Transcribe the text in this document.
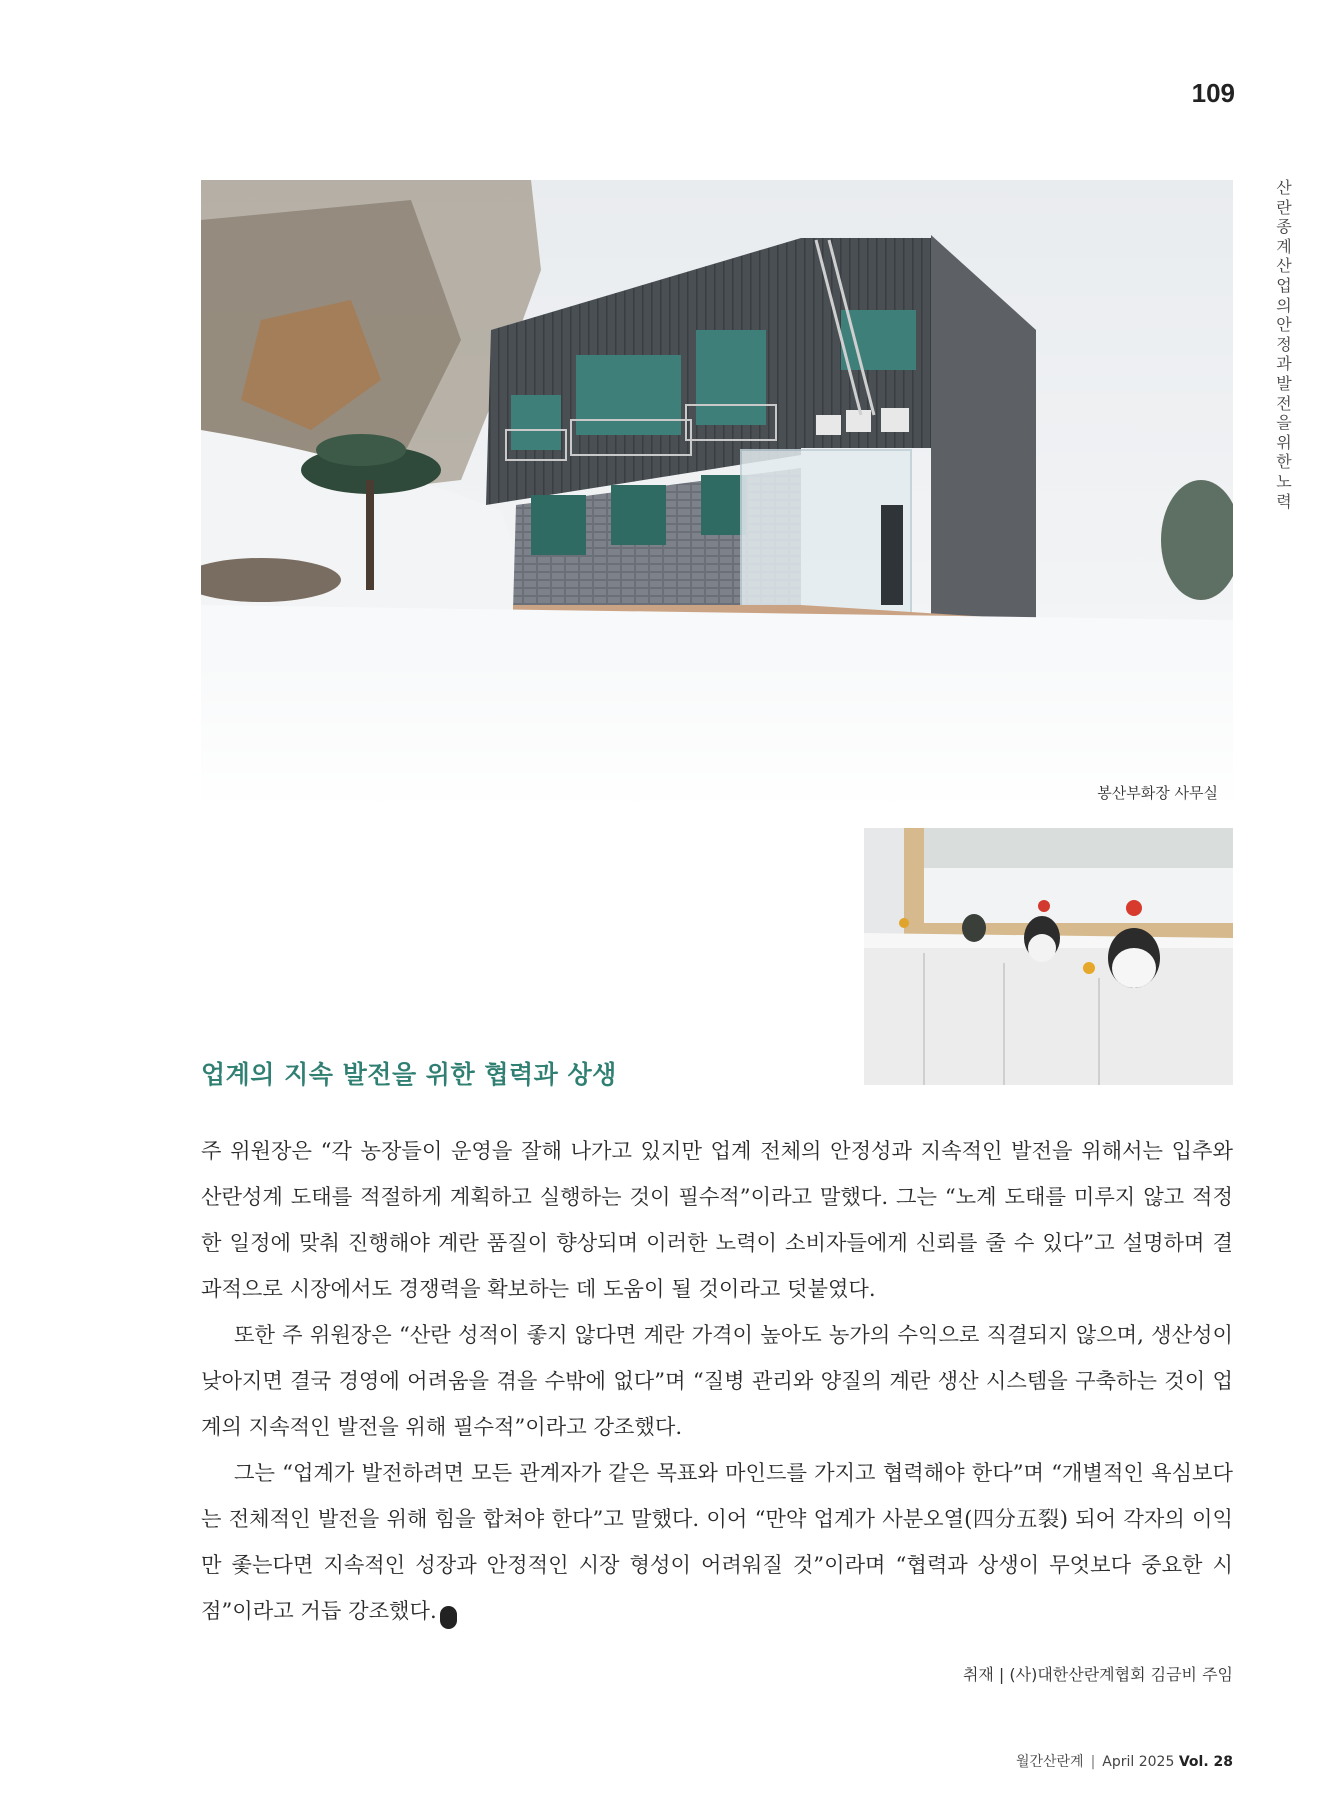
109
산란종계 산업의 안정과 발전을 위한 노력
봉산부화장 사무실
업계의 지속 발전을 위한 협력과 상생

주 위원장은 “각 농장들이 운영을 잘해 나가고 있지만 업계 전체의 안정성과 지속적인 발전을 위해서는 입추와 산란성계 도태를 적절하게 계획하고 실행하는 것이 필수적”이라고 말했다. 그는 “노계 도태를 미루지 않고 적정한 일정에 맞춰 진행해야 계란 품질이 향상되며 이러한 노력이 소비자들에게 신뢰를 줄 수 있다”고 설명하며 결과적으로 시장에서도 경쟁력을 확보하는 데 도움이 될 것이라고 덧붙였다.

또한 주 위원장은 “산란 성적이 좋지 않다면 계란 가격이 높아도 농가의 수익으로 직결되지 않으며, 생산성이 낮아지면 결국 경영에 어려움을 겪을 수밖에 없다”며 “질병 관리와 양질의 계란 생산 시스템을 구축하는 것이 업계의 지속적인 발전을 위해 필수적”이라고 강조했다.

그는 “업계가 발전하려면 모든 관계자가 같은 목표와 마인드를 가지고 협력해야 한다”며 “개별적인 욕심보다는 전체적인 발전을 위해 힘을 합쳐야 한다”고 말했다. 이어 “만약 업계가 사분오열(四分五裂) 되어 각자의 이익만 좇는다면 지속적인 성장과 안정적인 시장 형성이 어려워질 것”이라며 “협력과 상생이 무엇보다 중요한 시점”이라고 거듭 강조했다.	독

취재 | (사)대한산란계협회 김금비 주임
월간산란계 | April 2025 Vol. 28
